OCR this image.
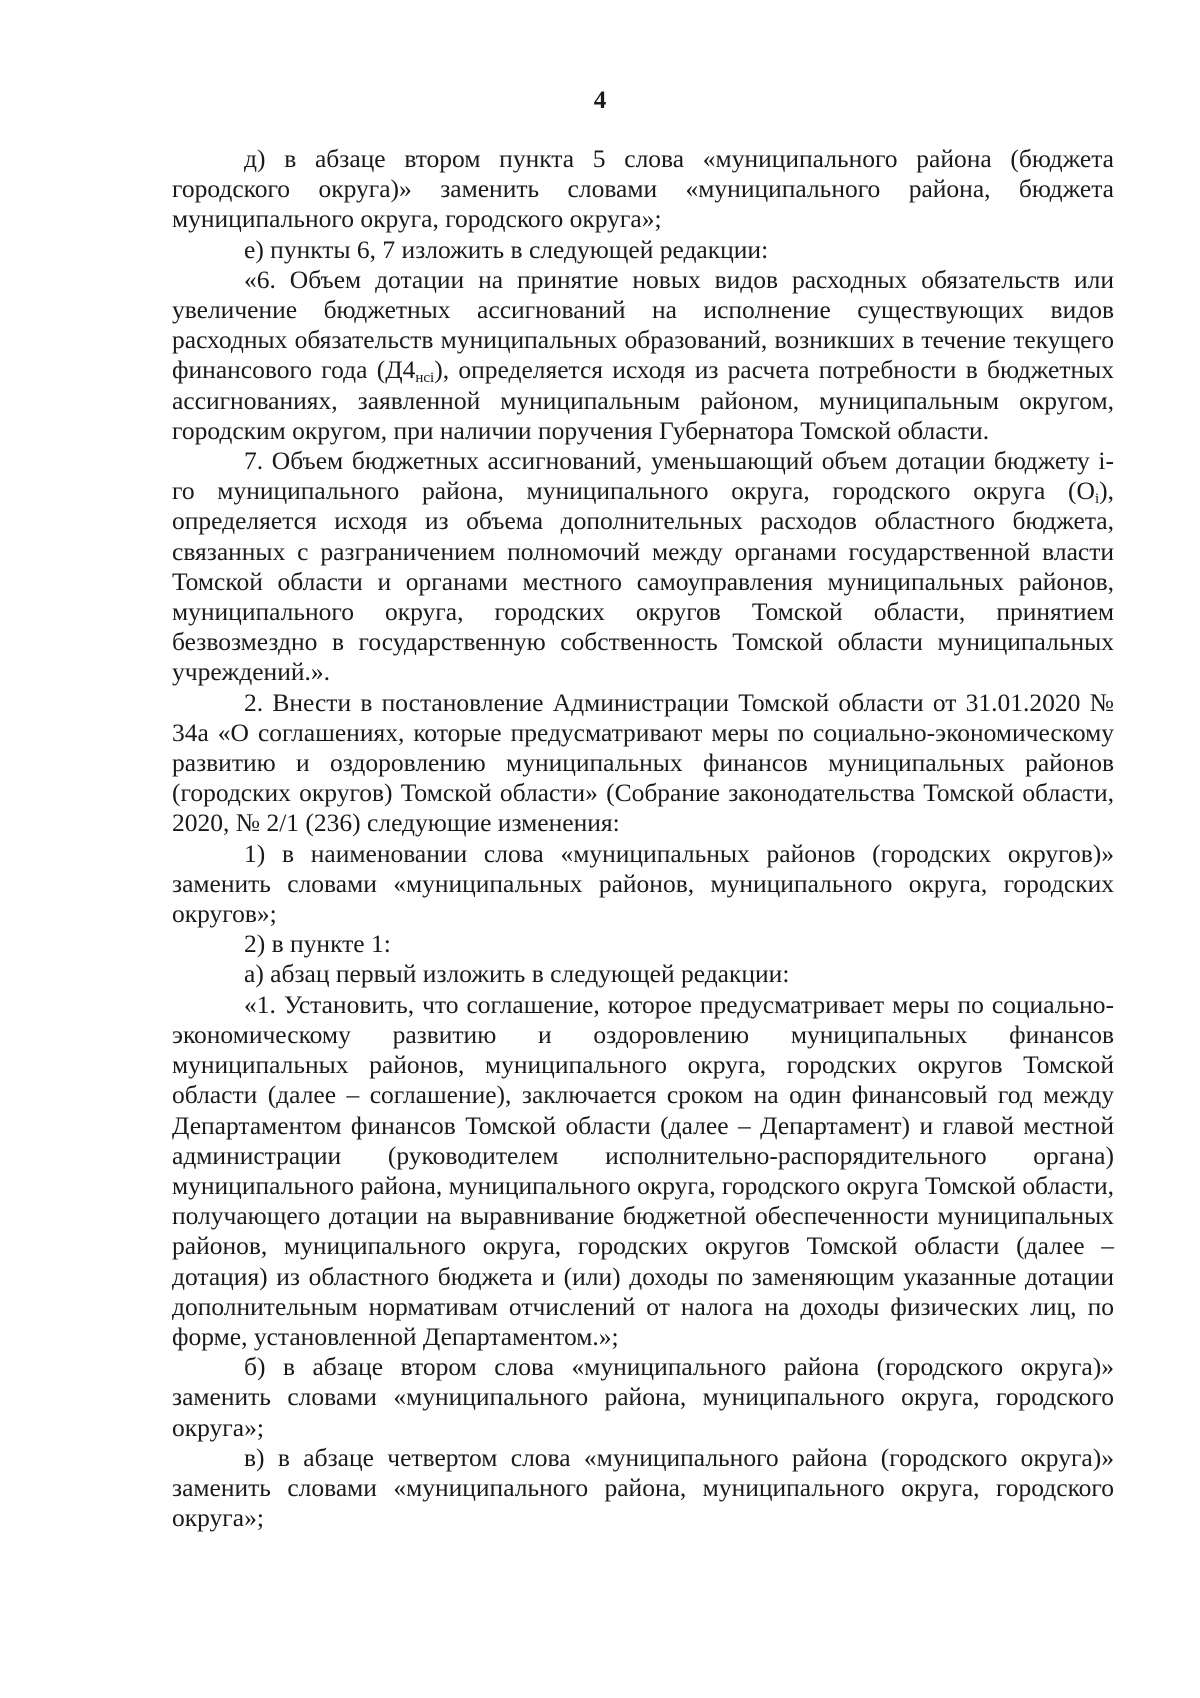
4

д) в абзаце втором пункта 5 слова «муниципального района (бюджета городского округа)» заменить словами «муниципального района, бюджета муниципального округа, городского округа»;

е) пункты 6, 7 изложить в следующей редакции:

«6. Объем дотации на принятие новых видов расходных обязательств или увеличение бюджетных ассигнований на исполнение существующих видов расходных обязательств муниципальных образований, возникших в течение текущего финансового года $(Д4_{нсi})$, определяется исходя из расчета потребности в бюджетных ассигнованиях, заявленной муниципальным районом, муниципальным округом, городским округом, при наличии поручения Губернатора Томской области.

7. Объем бюджетных ассигнований, уменьшающий объем дотации бюджету i-го муниципального района, муниципального округа, городского округа $(O_i)$, определяется исходя из объема дополнительных расходов областного бюджета, связанных с разграничением полномочий между органами государственной власти Томской области и органами местного самоуправления муниципальных районов, муниципального округа, городских округов Томской области, принятием безвозмездно в государственную собственность Томской области муниципальных учреждений.».

2. Внести в постановление Администрации Томской области от 31.01.2020 № 34а «О соглашениях, которые предусматривают меры по социально-экономическому развитию и оздоровлению муниципальных финансов муниципальных районов (городских округов) Томской области» (Собрание законодательства Томской области, 2020, № 2/1 (236) следующие изменения:

1) в наименовании слова «муниципальных районов (городских округов)» заменить словами «муниципальных районов, муниципального округа, городских округов»;

2) в пункте 1:

а) абзац первый изложить в следующей редакции:

«1. Установить, что соглашение, которое предусматривает меры по социально-экономическому развитию и оздоровлению муниципальных финансов муниципальных районов, муниципального округа, городских округов Томской области (далее – соглашение), заключается сроком на один финансовый год между Департаментом финансов Томской области (далее – Департамент) и главой местной администрации (руководителем исполнительно-распорядительного органа) муниципального района, муниципального округа, городского округа Томской области, получающего дотации на выравнивание бюджетной обеспеченности муниципальных районов, муниципального округа, городских округов Томской области (далее – дотация) из областного бюджета и (или) доходы по заменяющим указанные дотации дополнительным нормативам отчислений от налога на доходы физических лиц, по форме, установленной Департаментом.»;

б) в абзаце втором слова «муниципального района (городского округа)» заменить словами «муниципального района, муниципального округа, городского округа»;

в) в абзаце четвертом слова «муниципального района (городского округа)» заменить словами «муниципального района, муниципального округа, городского округа»;
